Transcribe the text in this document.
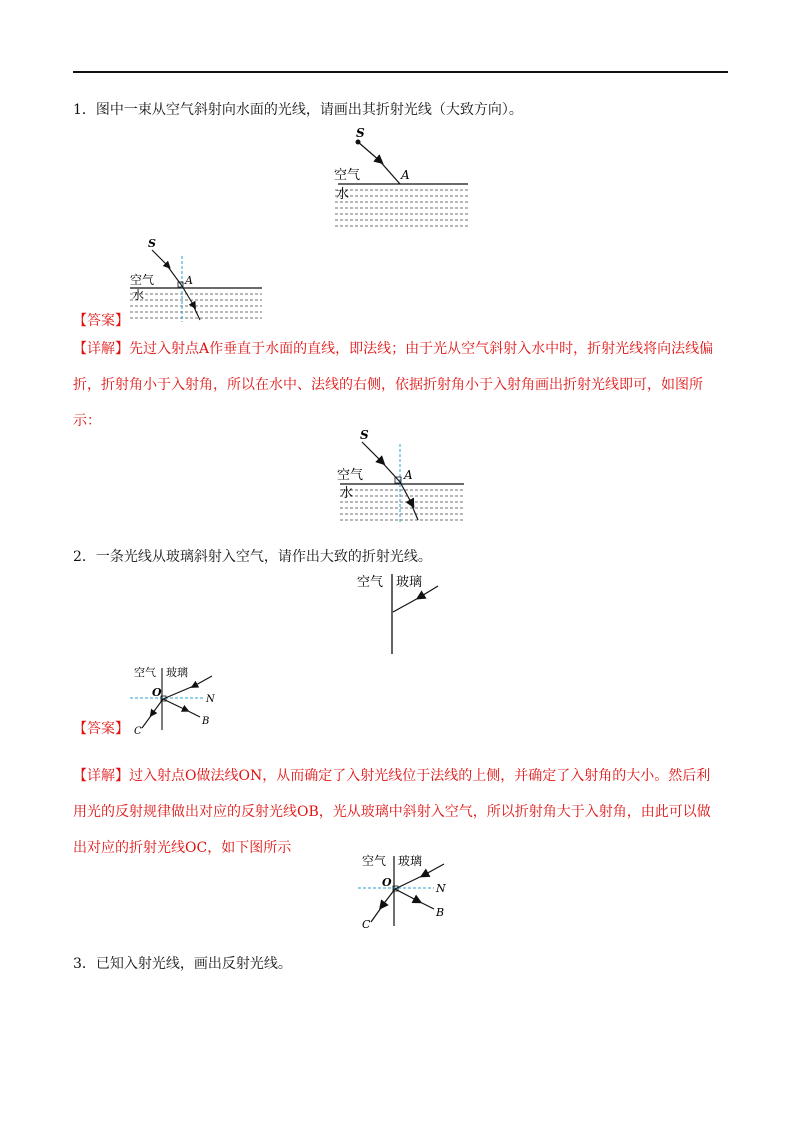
1．图中一束从空气斜射向水面的光线，请画出其折射光线（大致方向）。
S
A
空气
水
S
A
空气
水
【答案】
【详解】先过入射点A作垂直于水面的直线，即法线；由于光从空气斜射入水中时，折射光线将向法线偏
折，折射角小于入射角，所以在水中、法线的右侧，依据折射角小于入射角画出折射光线即可，如图所
示：
S
A
空气
水
2．一条光线从玻璃斜射入空气，请作出大致的折射光线。
空气 玻璃
空气 玻璃
O
N
B
C
【答案】
【详解】过入射点O做法线ON，从而确定了入射光线位于法线的上侧，并确定了入射角的大小。然后利
用光的反射规律做出对应的反射光线OB，光从玻璃中斜射入空气，所以折射角大于入射角，由此可以做
出对应的折射光线OC，如下图所示
空气 玻璃
O	N
B
C
3．已知入射光线，画出反射光线。
